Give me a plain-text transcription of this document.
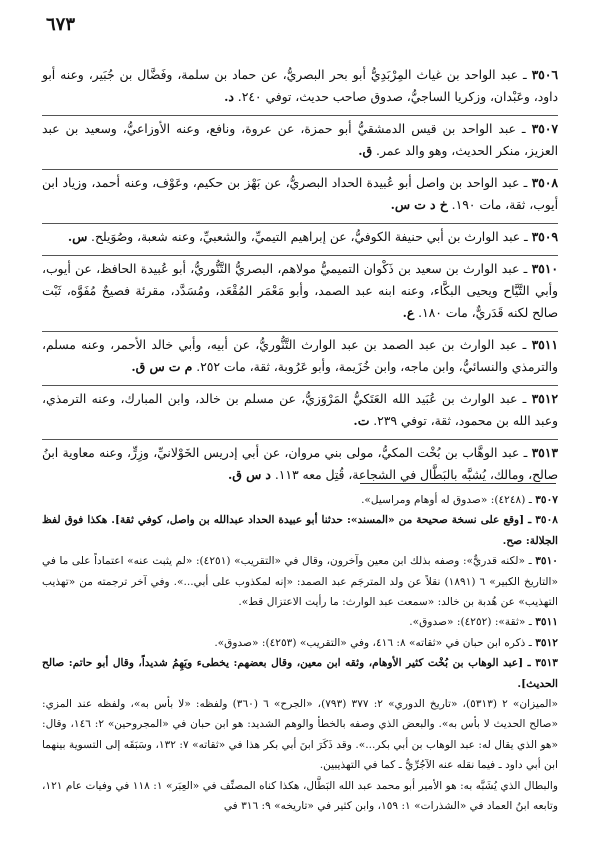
٦٧٣

٣٥٠٦ ـ عبد الواحد بن غياث المِرْبَدِيُّ أبو بحر البصريُّ، عن حماد بن سلمة، وفَضَّال بن جُبَير، وعنه أبو داود، وعَبْدان، وزكريا الساجيُّ، صدوق صاحب حديث، توفي ٢٤٠. د.

٣٥٠٧ ـ عبد الواحد بن قيس الدمشقيُّ أبو حمزة، عن عروة، ونافع، وعنه الأوزاعيُّ، وسعيد بن عبد العزيز، منكر الحديث، وهو والد عمر. ق.

٣٥٠٨ ـ عبد الواحد بن واصل أبو عُبيدة الحداد البصريُّ، عن بَهْز بن حكيم، وعَوْف، وعنه أحمد، وزياد ابن أيوب، ثقة، مات ١٩٠. خ د ت س.

٣٥٠٩ ـ عبد الوارث بن أبي حنيفة الكوفيُّ، عن إبراهيم التيميِّ، والشعبيِّ، وعنه شعبة، وصُوَيلح. س.

٣٥١٠ ـ عبد الوارث بن سعيد بن ذَكْوان التميميُّ مولاهم، البصريُّ التَّنُّوريُّ، أبو عُبيدة الحافظ، عن أيوب، وأبي التَّيَّاح ويحيى البكَّاء، وعنه ابنه عبد الصمد، وأبو مَعْمَر المُقْعَد، ومُسَدَّد، مقرئة فصيحٌ مُفَوَّه، ثَبْت صالح لكنه قَدَريٌّ، مات ١٨٠. ع.

٣٥١١ ـ عبد الوارث بن عبد الصمد بن عبد الوارث التَّنُّوريُّ، عن أبيه، وأبي خالد الأحمر، وعنه مسلم، والترمذي والنسائيُّ، وابن ماجه، وابن خُزَيمة، وأبو عَرُوبة، ثقة، مات ٢٥٢. م ت س ق.

٣٥١٢ ـ عبد الوارث بن عُبَيد الله العَتَكيُّ المَرْوَزيُّ، عن مسلم بن خالد، وابن المبارك، وعنه الترمذي، وعبد الله بن محمود، ثقة، توفي ٢٣٩. ت.

٣٥١٣ ـ عبد الوهَّاب بن بُخْت المكيُّ، مولى بني مروان، عن أبي إدريس الخَوْلانيِّ، وزِرٍّ، وعنه معاوية ابنُ صالح، ومالك، يُشبَّه بالبَطَّال في الشجاعة، قُتِل معه ١١٣. د س ق.

٣٥٠٧ ـ (٤٢٤٨): «صدوق له أوهام ومراسيل».

٣٥٠٨ ـ [وقع على نسخة صحيحة من «المسند»: حدثنا أبو عبيدة الحداد عبدالله بن واصل، كوفي ثقة]. هكذا فوق لفظ الجلالة: صح.

٣٥١٠ ـ «لكنه قدريٌّ»: وصفه بذلك ابن معين وآخرون، وقال في «التقريب» (٤٢٥١): «لم يثبت عنه» اعتماداً على ما في «التاريخ الكبير» ٦ (١٨٩١) نقلاً عن ولد المترجَم عبد الصمد: «إنه لمكذوب على أبي...». وفي آخر ترجمته من «تهذيب التهذيب» عن هُدبة بن خالد: «سمعت عبد الوارث: ما رأيت الاعتزال قط».

٣٥١١ ـ «ثقة»: (٤٢٥٢): «صدوق».

٣٥١٢ ـ ذكره ابن حبان في «ثقاته» ٨: ٤١٦، وفي «التقريب» (٤٢٥٣): «صدوق».

٣٥١٣ ـ [عبد الوهاب بن بُخْت كثير الأوهام، وثقه ابن معين، وقال بعضهم: يخطىء ويَهِمُ شديداً، وقال أبو حاتم: صالح الحديث].

«الميزان» ٢ (٥٣١٣)، «تاريخ الدوري» ٢: ٣٧٧ (٧٩٣)، «الجرح» ٦ (٣٦٠) ولفظه: «لا بأس به»، ولفظه عند المزي: «صالح الحديث لا بأس به». والبعض الذي وصفه بالخطأ والوهم الشديد: هو ابن حبان في «المجروحين» ٢: ١٤٦، وقال: «هو الذي يقال له: عبد الوهاب بن أبي بكر...». وقد ذَكَرَ ابنَ أبي بكر هذا في «ثقاته» ٧: ١٣٢، وسَبَقَه إلى التسوية بينهما ابن أبي داود ـ فيما نقله عنه الآجُرِّيُّ ـ كما في التهذيبين.

والبطال الذي يُشَبَّه به: هو الأمير أبو محمد عبد الله البَطَّال، هكذا كناه المصنِّف في «العِبَر» ١: ١١٨ في وفيات عام ١٢١، وتابعه ابنُ العماد في «الشذرات» ١: ١٥٩، وابن كثير في «تاريخه» ٩: ٣١٦ في
